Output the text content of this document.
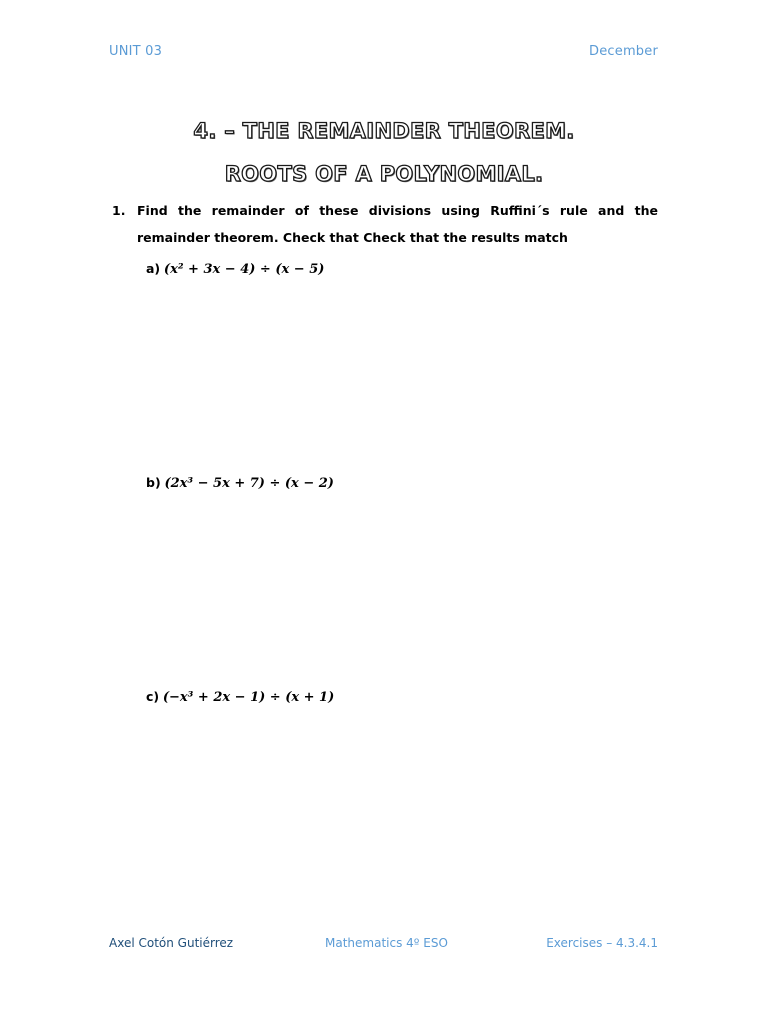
UNIT 03	December
4. – THE REMAINDER THEOREM.
ROOTS OF A POLYNOMIAL.
1. Find the remainder of these divisions using Ruffini´s rule and the remainder theorem. Check that Check that the results match
a) (x² + 3x − 4) ÷ (x − 5)
b) (2x³ − 5x + 7) ÷ (x − 2)
c) (−x³ + 2x − 1) ÷ (x + 1)
Axel Cotón Gutiérrez	Mathematics 4º ESO	Exercises – 4.3.4.1
